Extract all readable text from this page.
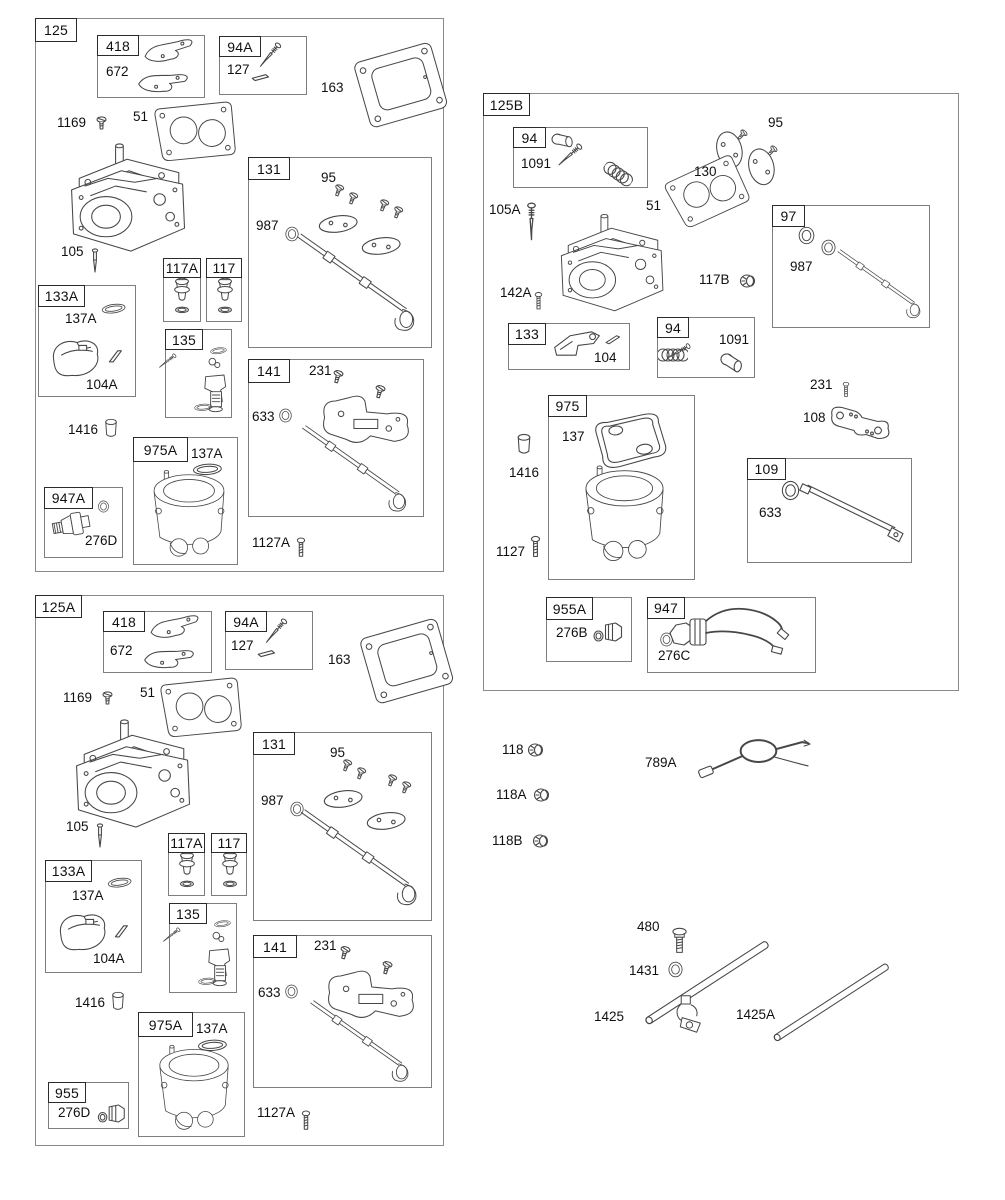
125
418	94A
131
117A	117
133A
135
141
975A
947A
125A
418	94A
131
117A	117
133A
135
141
975A
955
125B
94
97
133	94
975
109
955A	947
672	127
163
1169	51
105
95
987
137A
104A
231
633
1416
137A
276D	1127A
672	127
163
1169	51
105
95
987
137A
104A
231
633
1416
137A
276D	1127A
1091
95
130
51
105A
142A
117B
987
104
1091
231
108
137
1416
1127
633
276B
276C
118
789A
118A
118B
480
1431
1425	1425A
